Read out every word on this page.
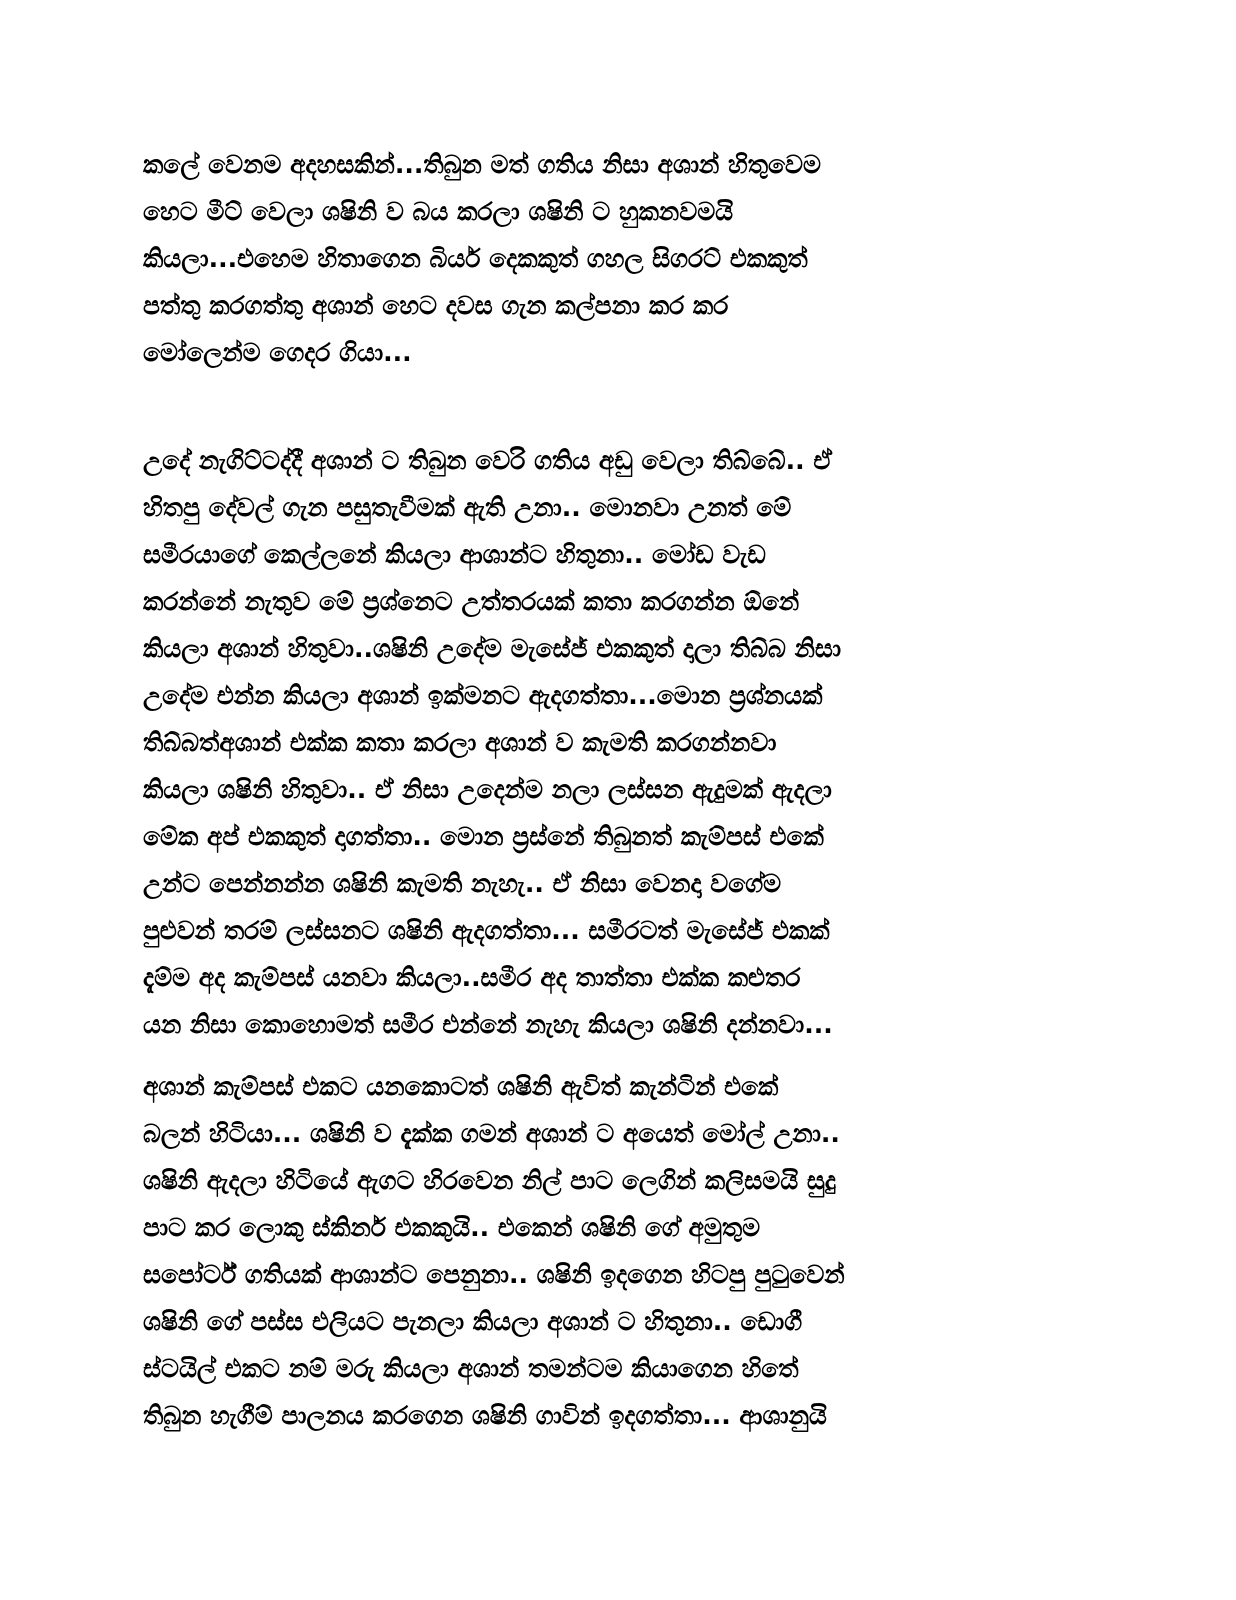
කලේ වෙනම අදහසකින්...තිබුන මත් ගතිය නිසා අශාන් හිතුවෙම
හෙට මීට් වෙලා ශෂිනි ව බය කරලා ශෂිනි ට හුකනවමයි
කියලා...එහෙම හිතාගෙන බියර් දෙකකුත් ගහල සිගරට් එකකුත්
පත්තු කරගත්තු අශාන් හෙට දවස ගැන කල්පනා කර කර
මෝලෙන්ම ගෙදර ගියා...
උදේ නැගිට්ටද්දී අශාන් ට තිබුන වෙරි ගතිය අඩු වෙලා තිබ්බේ.. ඒ
හිතපු දේවල් ගැන පසුතැවීමක් ඇති උනා.. මොනවා උනත් මේ
සමීරයාගේ කෙල්ලනේ කියලා ආශාන්ට හිතුනා.. මෝඩ වැඩ
කරන්නේ නැතුව මේ ප්‍රශ්නෙට උත්තරයක් කතා කරගන්න ඕනේ
කියලා අශාන් හිතුවා..ශෂිනි උදේම මැසේජ් එකකුත් දාලා තිබ්බ නිසා
උදේම එන්න කියලා අශාන් ඉක්මනට ඇදගත්තා...මොන ප්‍රශ්නයක්
තිබ්බත්අශාන් එක්ක කතා කරලා අශාන් ව කැමති කරගන්නවා
කියලා ශෂිනි හිතුවා.. ඒ නිසා උදෙන්ම නලා ලස්සන ඇදුමක් ඇදලා
මේක අප් එකකුත් දාගත්තා.. මොන ප්‍රස්නේ තිබුනත් කැම්පස් එකේ
උන්ට පෙන්නන්න ශෂිනි කැමති නැහැ.. ඒ නිසා වෙනදා වගේම
පුළුවන් තරම් ලස්සනට ශෂිනි ඇදගත්තා... සමීරටත් මැසේජ් එකක්
දැම්ම අද කැම්පස් යනවා කියලා..සමීර අද තාත්තා එක්ක කළුතර
යන නිසා කොහොමත් සමීර එන්නේ නැහැ කියලා ශෂිනි දන්නවා...
අශාන් කැම්පස් එකට යනකොටත් ශෂිනි ඇවිත් කැන්ටින් එකේ
බලන් හිටියා... ශෂිනි ව දැක්ක ගමන් අශාන් ට අයෙත් මෝල් උනා..
ශෂිනි ඇදලා හිටියේ ඇගට හිරවෙන නිල් පාට ලෙගින් කලිසමයි සුදු
පාට කර ලොකු ස්කිනර් එකකුයි.. එකෙන් ශෂිනි ගේ අමුතුම
සපෝර්ට් ගතියක් ආශාන්ට පෙනුනා.. ශෂිනි ඉදගෙන හිටපු පුටුවෙන්
ශෂිනි ගේ පස්ස එලියට පැනලා කියලා අශාන් ට හිතුනා.. ඩොගී
ස්ටයිල් එකට නම් මරු කියලා අශාන් තමන්ටම කියාගෙන හිතේ
තිබුන හැගීම් පාලනය කරගෙන ශෂිනි ගාවින් ඉදගත්තා... ආශානුයි
